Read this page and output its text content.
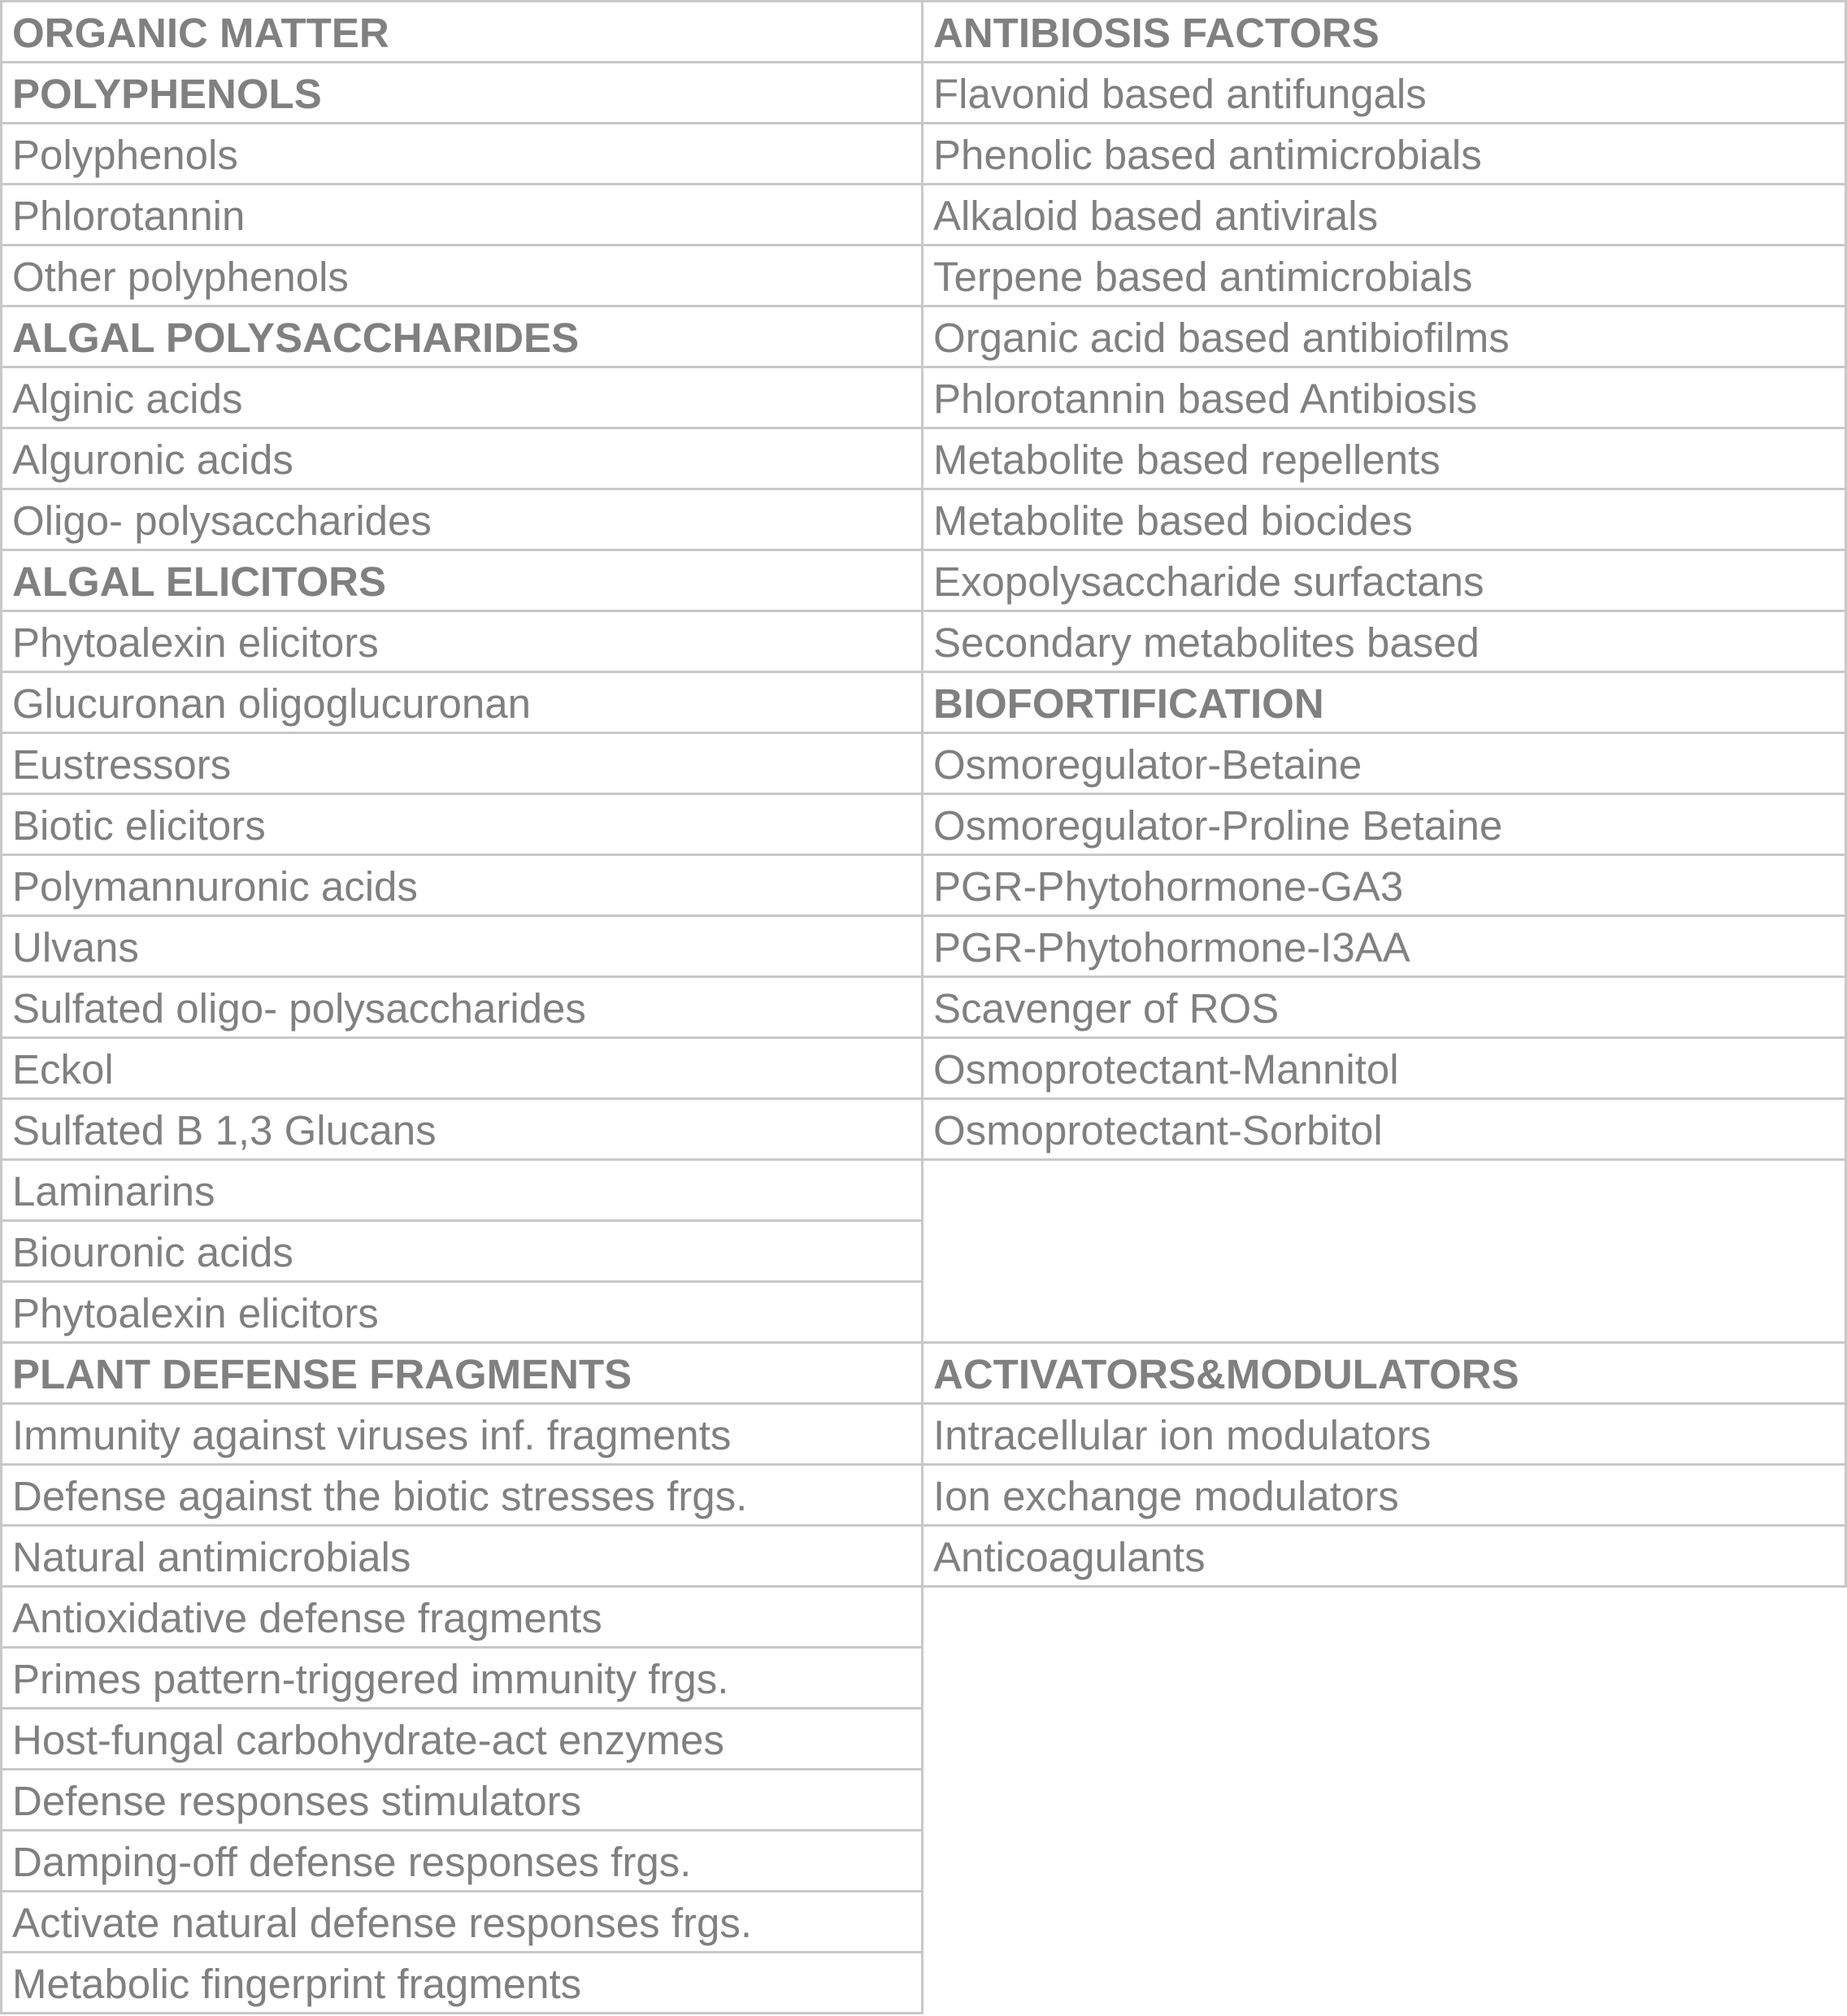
ORGANIC MATTER
POLYPHENOLS
Polyphenols
Phlorotannin
Other polyphenols
ALGAL POLYSACCHARIDES
Alginic acids
Alguronic acids
Oligo- polysaccharides
ALGAL ELICITORS
Phytoalexin elicitors
Glucuronan oligoglucuronan
Eustressors
Biotic elicitors
Polymannuronic acids
Ulvans
Sulfated oligo- polysaccharides
Eckol
Sulfated B 1,3 Glucans
Laminarins
Biouronic acids
Phytoalexin elicitors
PLANT DEFENSE FRAGMENTS
Immunity against viruses inf. fragments
Defense against the biotic stresses frgs.
Natural antimicrobials
Antioxidative defense fragments
Primes pattern-triggered immunity frgs.
Host-fungal carbohydrate-act enzymes
Defense responses stimulators
Damping-off defense responses frgs.
Activate natural defense responses frgs.
Metabolic fingerprint fragments
ANTIBIOSIS FACTORS
Flavonid based antifungals
Phenolic based antimicrobials
Alkaloid based antivirals
Terpene based antimicrobials
Organic acid based antibiofilms
Phlorotannin based Antibiosis
Metabolite based repellents
Metabolite based biocides
Exopolysaccharide surfactans
Secondary metabolites based
BIOFORTIFICATION
Osmoregulator-Betaine
Osmoregulator-Proline Betaine
PGR-Phytohormone-GA3
PGR-Phytohormone-I3AA
Scavenger of ROS
Osmoprotectant-Mannitol
Osmoprotectant-Sorbitol
ACTIVATORS&MODULATORS
Intracellular ion modulators
Ion exchange modulators
Anticoagulants
